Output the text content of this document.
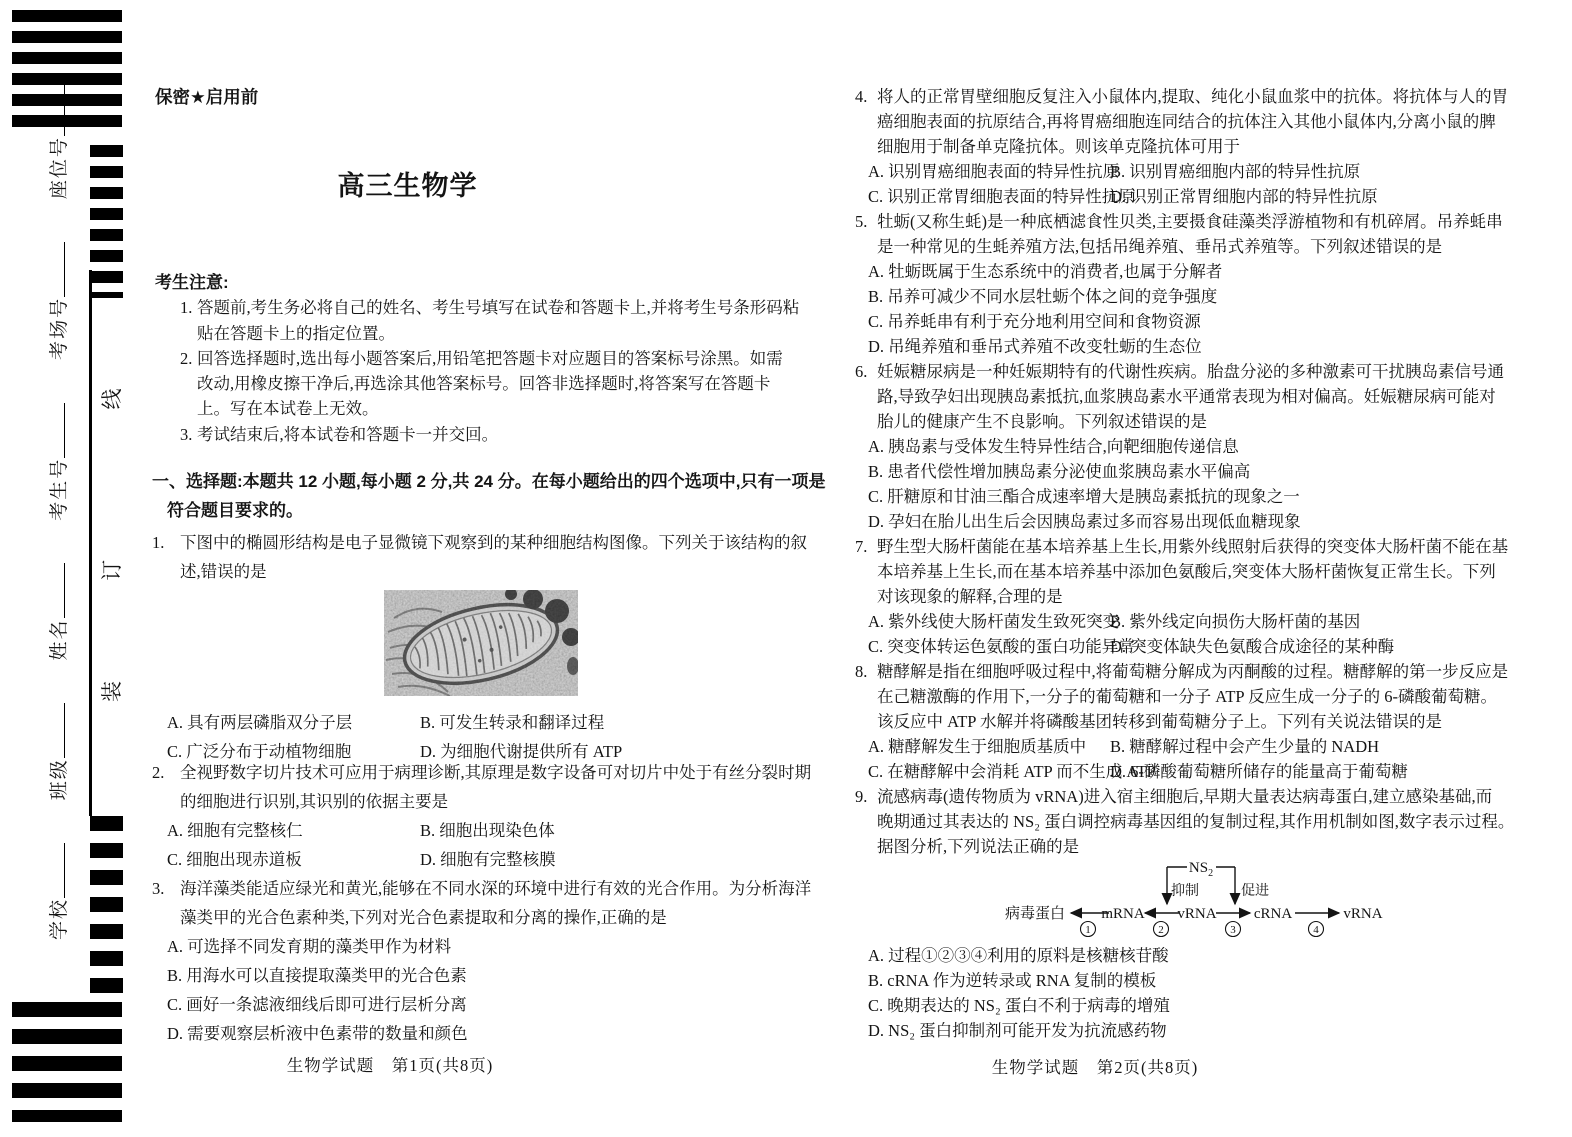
学校 班级 姓名 考生号 考场号 座位号
装 订 线
保密★启用前
高三生物学
考生注意:
1. 答题前,考生务必将自己的姓名、考生号填写在试卷和答题卡上,并将考生号条形码粘
贴在答题卡上的指定位置。
2. 回答选择题时,选出每小题答案后,用铅笔把答题卡对应题目的答案标号涂黑。如需
改动,用橡皮擦干净后,再选涂其他答案标号。回答非选择题时,将答案写在答题卡
上。写在本试卷上无效。
3. 考试结束后,将本试卷和答题卡一并交回。
一、选择题:本题共 12 小题,每小题 2 分,共 24 分。在每小题给出的四个选项中,只有一项是
符合题目要求的。
1. 下图中的椭圆形结构是电子显微镜下观察到的某种细胞结构图像。下列关于该结构的叙
述,错误的是
A. 具有两层磷脂双分子层	B. 可发生转录和翻译过程
C. 广泛分布于动植物细胞	D. 为细胞代谢提供所有 ATP
2. 全视野数字切片技术可应用于病理诊断,其原理是数字设备可对切片中处于有丝分裂时期
的细胞进行识别,其识别的依据主要是
A. 细胞有完整核仁	B. 细胞出现染色体
C. 细胞出现赤道板	D. 细胞有完整核膜
3. 海洋藻类能适应绿光和黄光,能够在不同水深的环境中进行有效的光合作用。为分析海洋
藻类甲的光合色素种类,下列对光合色素提取和分离的操作,正确的是
A. 可选择不同发育期的藻类甲作为材料
B. 用海水可以直接提取藻类甲的光合色素
C. 画好一条滤液细线后即可进行层析分离
D. 需要观察层析液中色素带的数量和颜色
生物学试题　第1页(共8页)
4. 将人的正常胃壁细胞反复注入小鼠体内,提取、纯化小鼠血浆中的抗体。将抗体与人的胃
癌细胞表面的抗原结合,再将胃癌细胞连同结合的抗体注入其他小鼠体内,分离小鼠的脾
细胞用于制备单克隆抗体。则该单克隆抗体可用于
A. 识别胃癌细胞表面的特异性抗原
B. 识别胃癌细胞内部的特异性抗原
C. 识别正常胃细胞表面的特异性抗原
D. 识别正常胃细胞内部的特异性抗原
5. 牡蛎(又称生蚝)是一种底栖滤食性贝类,主要摄食硅藻类浮游植物和有机碎屑。吊养蚝串
是一种常见的生蚝养殖方法,包括吊绳养殖、垂吊式养殖等。下列叙述错误的是
A. 牡蛎既属于生态系统中的消费者,也属于分解者
B. 吊养可减少不同水层牡蛎个体之间的竞争强度
C. 吊养蚝串有利于充分地利用空间和食物资源
D. 吊绳养殖和垂吊式养殖不改变牡蛎的生态位
6. 妊娠糖尿病是一种妊娠期特有的代谢性疾病。胎盘分泌的多种激素可干扰胰岛素信号通
路,导致孕妇出现胰岛素抵抗,血浆胰岛素水平通常表现为相对偏高。妊娠糖尿病可能对
胎儿的健康产生不良影响。下列叙述错误的是
A. 胰岛素与受体发生特异性结合,向靶细胞传递信息
B. 患者代偿性增加胰岛素分泌使血浆胰岛素水平偏高
C. 肝糖原和甘油三酯合成速率增大是胰岛素抵抗的现象之一
D. 孕妇在胎儿出生后会因胰岛素过多而容易出现低血糖现象
7. 野生型大肠杆菌能在基本培养基上生长,用紫外线照射后获得的突变体大肠杆菌不能在基
本培养基上生长,而在基本培养基中添加色氨酸后,突变体大肠杆菌恢复正常生长。下列
对该现象的解释,合理的是
A. 紫外线使大肠杆菌发生致死突变
B. 紫外线定向损伤大肠杆菌的基因
C. 突变体转运色氨酸的蛋白功能异常
D. 突变体缺失色氨酸合成途径的某种酶
8. 糖酵解是指在细胞呼吸过程中,将葡萄糖分解成为丙酮酸的过程。糖酵解的第一步反应是
在己糖激酶的作用下,一分子的葡萄糖和一分子 ATP 反应生成一分子的 6-磷酸葡萄糖。
该反应中 ATP 水解并将磷酸基团转移到葡萄糖分子上。下列有关说法错误的是
A. 糖酵解发生于细胞质基质中	B. 糖酵解过程中会产生少量的 NADH
C. 在糖酵解中会消耗 ATP 而不生成 ATP
D. 6-磷酸葡萄糖所储存的能量高于葡萄糖
9. 流感病毒(遗传物质为 vRNA)进入宿主细胞后,早期大量表达病毒蛋白,建立感染基础,而
晚期通过其表达的 NS₂ 蛋白调控病毒基因组的复制过程,其作用机制如图,数字表示过程。
据图分析,下列说法正确的是
A. 过程①②③④利用的原料是核糖核苷酸
B. cRNA 作为逆转录或 RNA 复制的模板
C. 晚期表达的 NS₂ 蛋白不利于病毒的增殖
D. NS₂ 蛋白抑制剂可能开发为抗流感药物
病毒蛋白 mRNA vRNA cRNA	vRNA
$NS_2$
抑制	促进
1	2	3	4
生物学试题　第2页(共8页)
